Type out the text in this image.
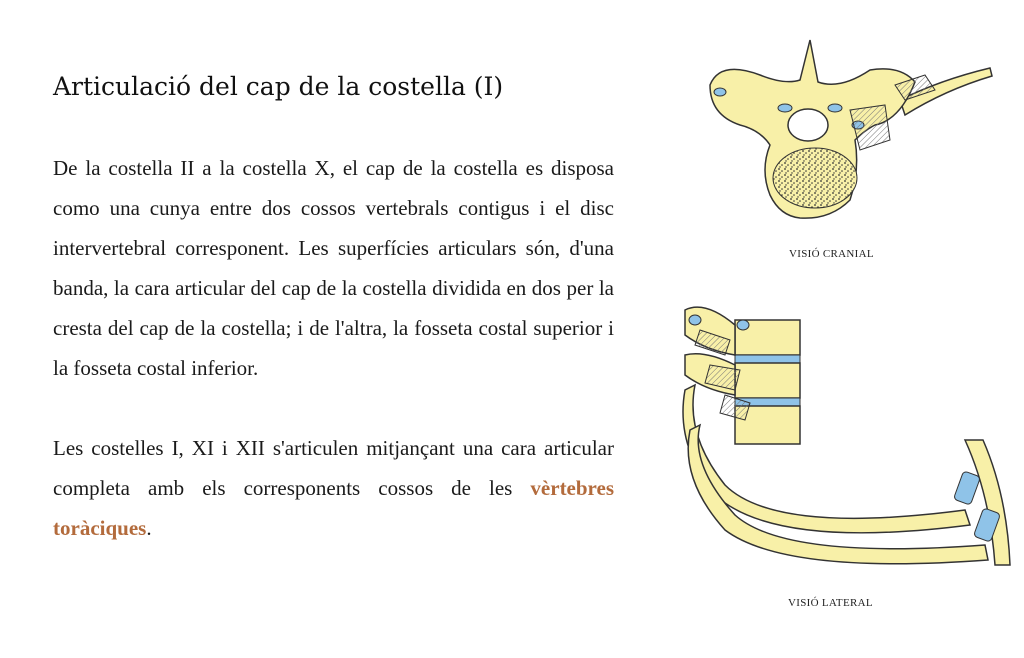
Articulació del cap de la costella (I)

De la costella II a la costella X, el cap de la costella es disposa como una cunya entre dos cossos vertebrals contigus i el disc intervertebral corresponent. Les superfícies articulars són, d'una banda, la cara articular del cap de la costella dividida en dos per la cresta del cap de la costella; i de l'altra, la fosseta costal superior i la fosseta costal inferior.

Les costelles I, XI i XII s'articulen mitjançant una cara articular completa amb els corresponents cossos de les vèrtebres toràciques.

VISIÓ CRANIAL
VISIÓ LATERAL
